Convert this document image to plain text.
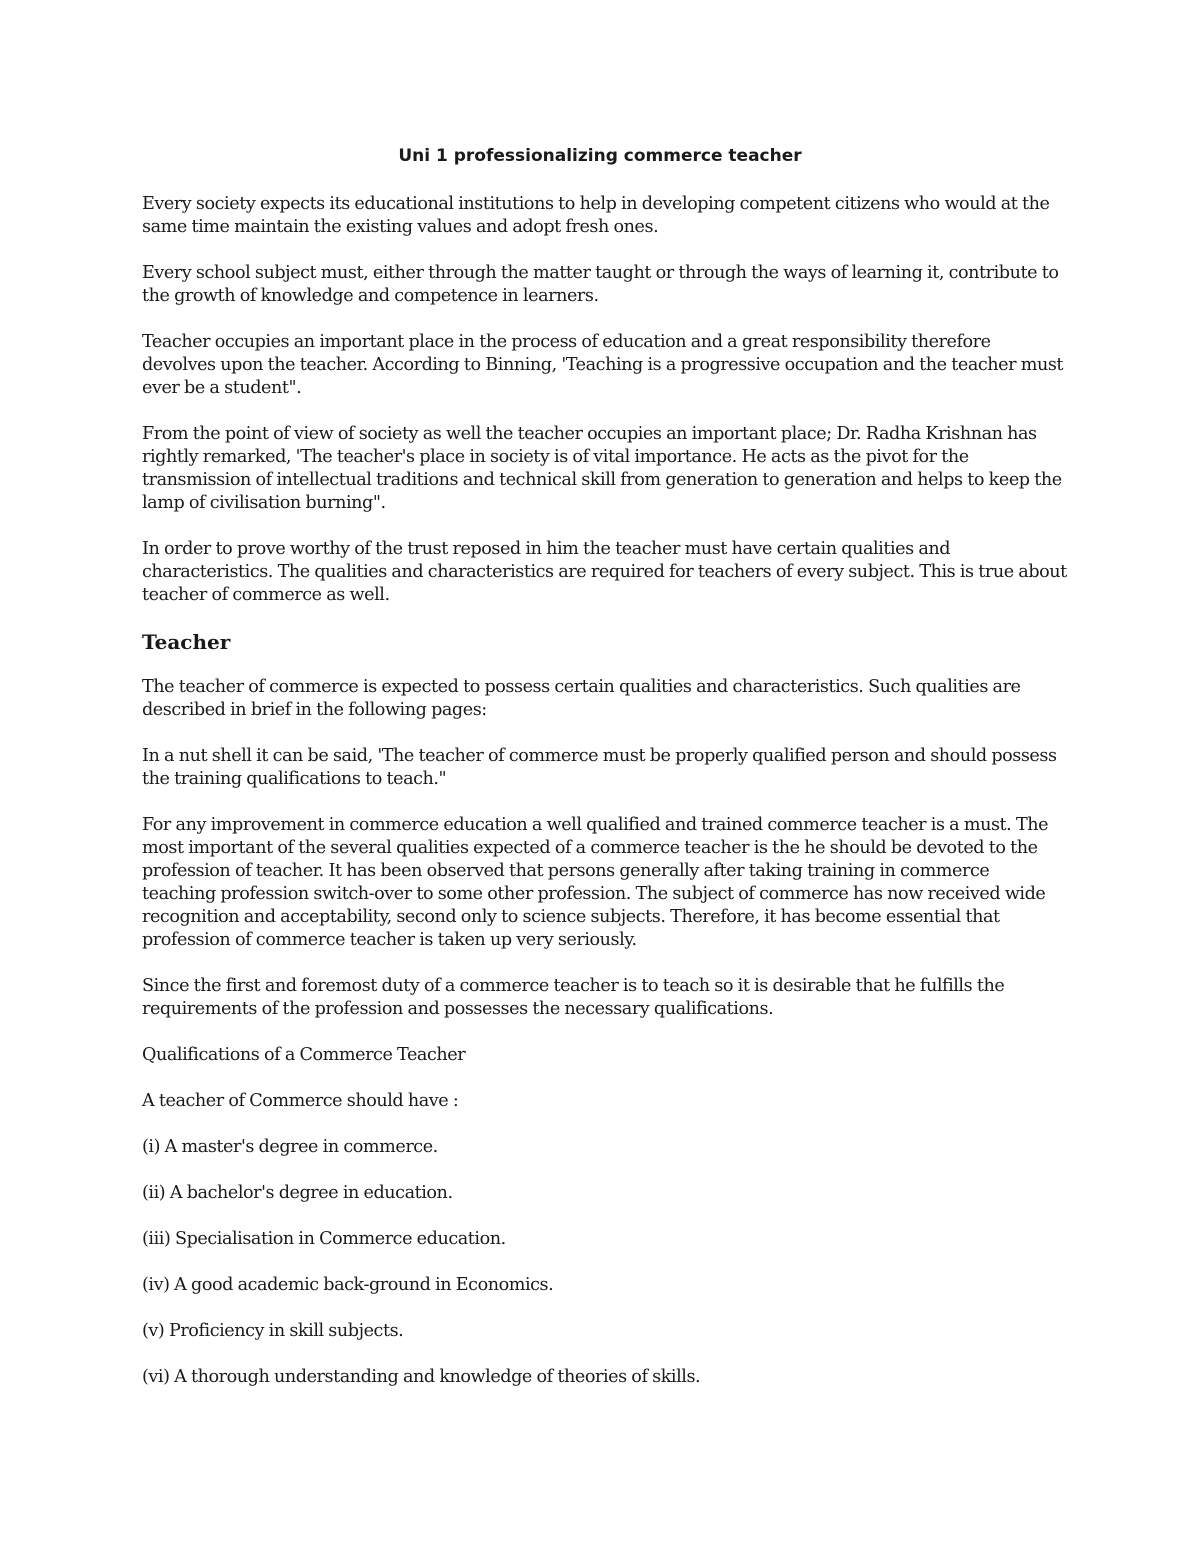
Uni 1 professionalizing commerce teacher

Every society expects its educational institutions to help in developing competent citizens who would at the same time maintain the existing values and adopt fresh ones.

Every school subject must, either through the matter taught or through the ways of learning it, contribute to the growth of knowledge and competence in learners.

Teacher occupies an important place in the process of education and a great responsibility therefore devolves upon the teacher. According to Binning, 'Teaching is a progressive occupation and the teacher must ever be a student".

From the point of view of society as well the teacher occupies an important place; Dr. Radha Krishnan has rightly remarked, 'The teacher's place in society is of vital importance. He acts as the pivot for the transmission of intellectual traditions and technical skill from generation to generation and helps to keep the lamp of civilisation burning".

In order to prove worthy of the trust reposed in him the teacher must have certain qualities and characteristics. The qualities and characteristics are required for teachers of every subject. This is true about teacher of commerce as well.

Teacher

The teacher of commerce is expected to possess certain qualities and characteristics. Such qualities are described in brief in the following pages:

In a nut shell it can be said, 'The teacher of commerce must be properly qualified person and should possess the training qualifications to teach."

For any improvement in commerce education a well qualified and trained commerce teacher is a must. The most important of the several qualities expected of a commerce teacher is the he should be devoted to the profession of teacher. It has been observed that persons generally after taking training in commerce teaching profession switch-over to some other profession. The subject of commerce has now received wide recognition and acceptability, second only to science subjects. Therefore, it has become essential that profession of commerce teacher is taken up very seriously.

Since the first and foremost duty of a commerce teacher is to teach so it is desirable that he fulfills the requirements of the profession and possesses the necessary qualifications.

Qualifications of a Commerce Teacher

A teacher of Commerce should have :

(i) A master's degree in commerce.

(ii) A bachelor's degree in education.

(iii) Specialisation in Commerce education.

(iv) A good academic back-ground in Economics.

(v) Proficiency in skill subjects.

(vi) A thorough understanding and knowledge of theories of skills.
